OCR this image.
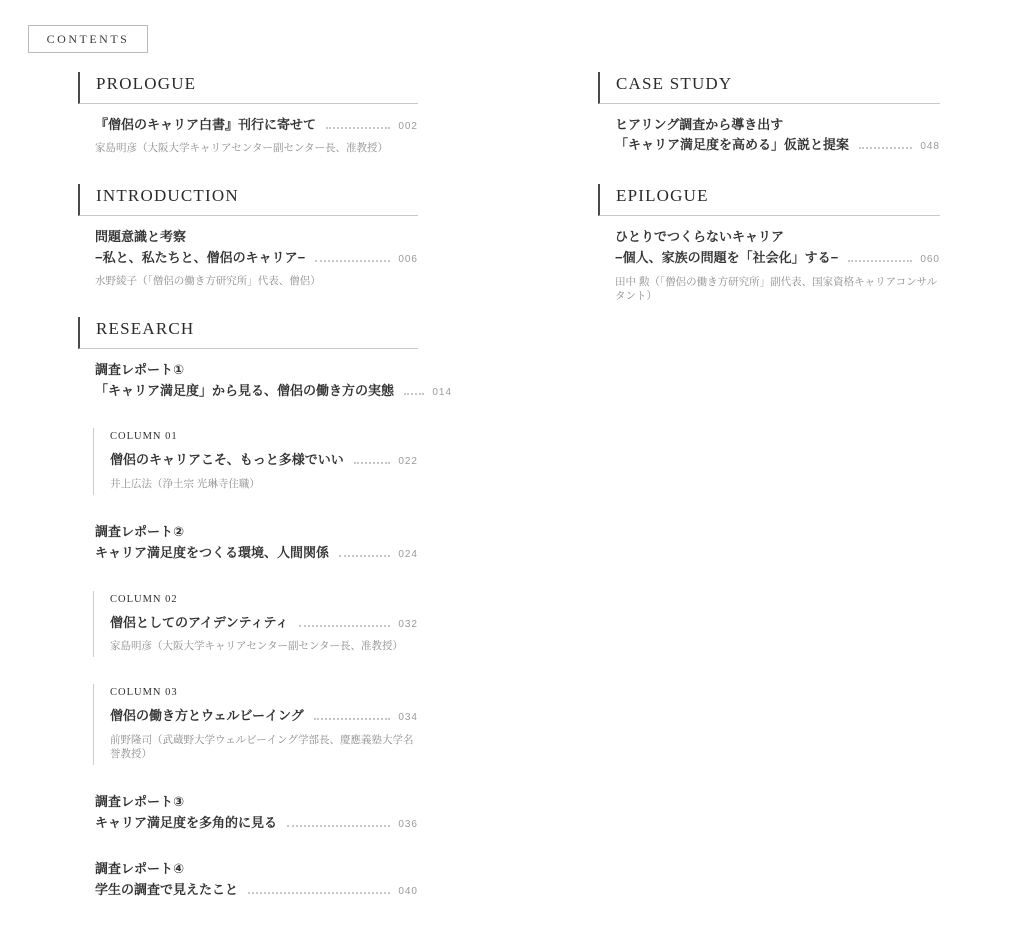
CONTENTS
PROLOGUE
『僧侶のキャリア白書』刊行に寄せて	002
家島明彦（大阪大学キャリアセンター副センター長、准教授）
INTRODUCTION
問題意識と考察
−私と、私たちと、僧侶のキャリア−	006
水野綾子（「僧侶の働き方研究所」代表、僧侶）
RESEARCH
調査レポート①
「キャリア満足度」から見る、僧侶の働き方の実態	014
COLUMN 01
僧侶のキャリアこそ、もっと多様でいい	022
井上広法（浄土宗 光琳寺住職）
調査レポート②
キャリア満足度をつくる環境、人間関係	024
COLUMN 02
僧侶としてのアイデンティティ	032
家島明彦（大阪大学キャリアセンター副センター長、准教授）
COLUMN 03
僧侶の働き方とウェルビーイング	034
前野隆司（武蔵野大学ウェルビーイング学部長、慶應義塾大学名誉教授）
調査レポート③
キャリア満足度を多角的に見る	036
調査レポート④
学生の調査で見えたこと	040
CASE STUDY
ヒアリング調査から導き出す
「キャリア満足度を高める」仮説と提案	048
EPILOGUE
ひとりでつくらないキャリア
−個人、家族の問題を「社会化」する−	060
田中 勲（「僧侶の働き方研究所」副代表、国家資格キャリアコンサルタント）
